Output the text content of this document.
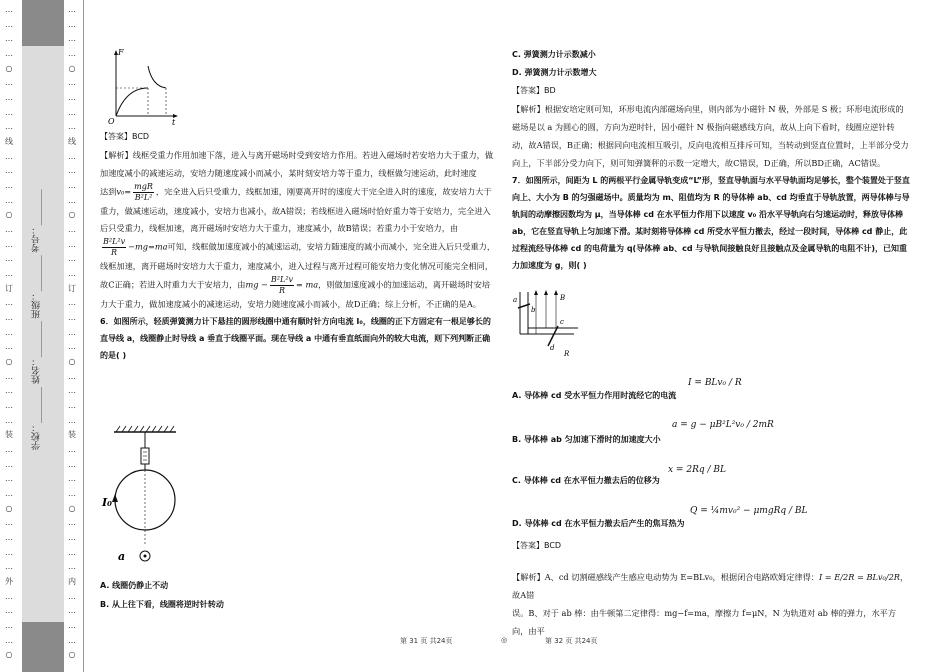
学校：________ 姓名：________ 班级：________ 考号：________
…
…
…
…
○
…
…
…
…
线
…
…
…
…
○
…
…
…
…
订
…
…
…
…
○
…
…
…
…
装
…
…
…
…
○
…
…
…
…
外
…
…
…
…
○
…
…
…
…
○
…
…
…
…
线
…
…
…
…
○
…
…
…
…
订
…
…
…
…
○
…
…
…
…
装
…
…
…
…
○
…
…
…
…
内
…
…
…
…
○
F
O	t

【答案】BCD

【解析】线框受重力作用加速下落，进入与离开磁场时受到安培力作用。若进入磁场时若安培力大于重力，做加速度减小的减速运动，安培力随速度减小而减小，某时刻安培力等于重力，线框做匀速运动，此时速度

达到$v_0= \frac{\text{mgR}}{\text{B²L²}}$ ，完全进入后只受重力，线框加速，刚要离开时的速度大于完全进入时的速度，故安培力大于重力，做减速运动，速度减小，安培力也减小，故A错误；若线框进入磁场时恰好重力等于安培力，完全进入后只受重力，线框加速，离开磁场时安培力大于重力，速度减小，故B错误；若重力小于安培力，由

$\frac{\text{B²L²v}}{R} -mg=ma$可知，线框做加速度减小的减速运动，安培力随速度的减小而减小，完全进入后只受重力，线框加速，离开磁场时安培力大于重力，速度减小，进入过程与离开过程可能安培力变化情况可能完全相同，

故C正确；若进入时重力大于安培力，由mg − $\frac{\text{B²L²v}}{R}$ = ma，则做加速度减小的加速运动，离开磁场时安培力大于重力，做加速度减小的减速运动，安培力随速度减小而减小，故D正确；综上分析，不正确的是A。

6．如图所示，轻质弹簧测力计下悬挂的圆形线圈中通有顺时针方向电流 I₀，线圈的正下方固定有一根足够长的直导线 a，线圈静止时导线 a 垂直于线圈平面。现在导线 a 中通有垂直纸面向外的较大电流，则下列判断正确的是( )

I₀
a
A. 线圈仍静止不动
B. 从上往下看，线圈将逆时针转动

C. 弹簧测力计示数减小

D. 弹簧测力计示数增大

【答案】BD

【解析】根据安培定则可知，环形电流内部磁场向里，则内部为小磁针 N 极，外部是 S 极；环形电流形成的磁场是以 a 为圆心的圆，方向为逆时针，因小磁针 N 极指向磁感线方向，故从上向下看时，线圈应逆针转动，故A错误，B正确；根据同向电流相互吸引，反向电流相互排斥可知，当转动到竖直位置时，上半部分受力向上，下半部分受力向下，则可知弹簧秤的示数一定增大，故C错误，D正确，所以BD正确，AC错误。

7．如图所示，间距为 L 的两根平行金属导轨变成“L”形，竖直导轨面与水平导轨面均足够长，整个装置处于竖直向上、大小为 B 的匀强磁场中。质量均为 m、阻值均为 R 的导体棒 ab、cd 均垂直于导轨放置，两导体棒与导轨间的动摩擦因数均为 μ，当导体棒 cd 在水平恒力作用下以速度 v₀ 沿水平导轨向右匀速运动时，释放导体棒 ab，它在竖直导轨上匀加速下滑。某时刻将导体棒 cd 所受水平恒力撤去，经过一段时间，导体棒 cd 静止，此过程流经导体棒 cd 的电荷量为 q(导体棒 ab、cd 与导轨间接触良好且接触点及金属导轨的电阻不计)，已知重力加速度为 g，则( )

B
a
b
c
d
R
A. 导体棒 cd 受水平恒力作用时流经它的电流
I = BLv₀ / R
B. 导体棒 ab 匀加速下滑时的加速度大小
a = g − μB²L²v₀ / 2mR
C. 导体棒 cd 在水平恒力撤去后的位移为
x = 2Rq / BL
D. 导体棒 cd 在水平恒力撤去后产生的焦耳热为
Q = ¼mv₀² − μmgRq / BL
【答案】BCD

【解析】A、cd 切割磁感线产生感应电动势为 E=BLv₀，根据闭合电路欧姆定律得：I = E/2R = BLv₀/2R，故A错

误。B、对于 ab 棒：由牛顿第二定律得：mg−f=ma，摩擦力 f=μN，N 为轨道对 ab 棒的弹力，水平方向，由平

第 31 页 共24页	◎	第 32 页 共24页
